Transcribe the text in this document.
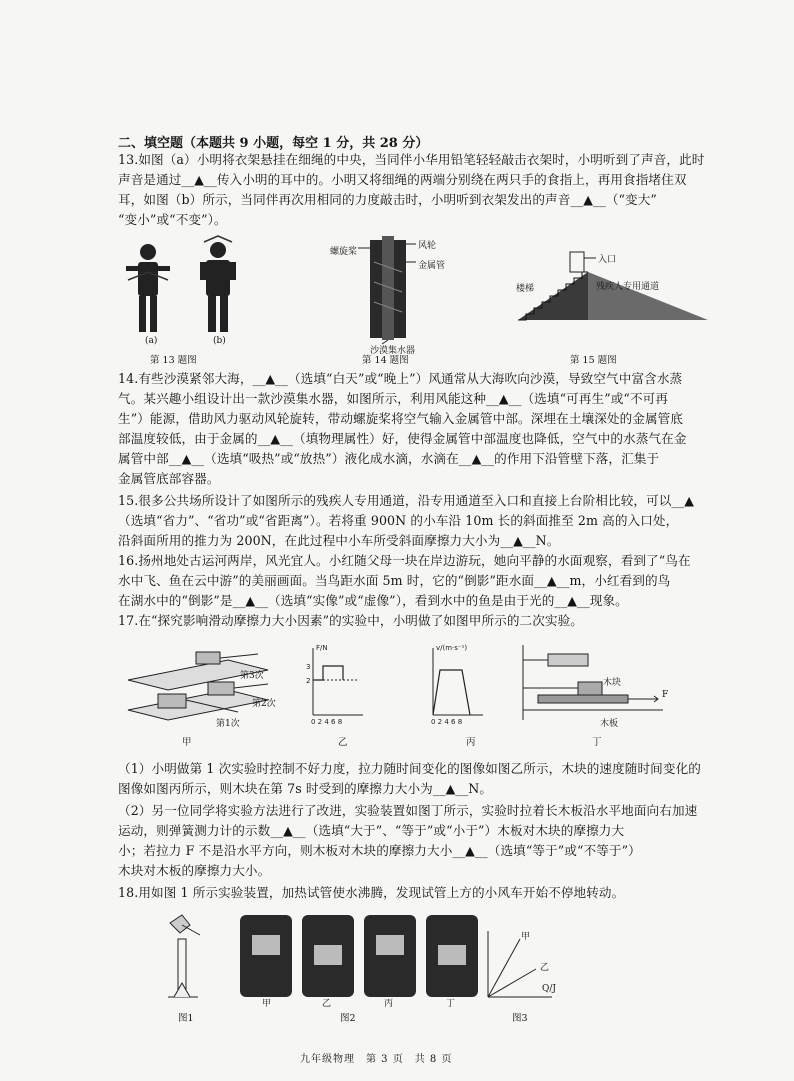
二、填空题（本题共 9 小题，每空 1 分，共 28 分）
13.如图（a）小明将衣架悬挂在细绳的中央，当同伴小华用铅笔轻轻敲击衣架时，小明听到了声音，此时
声音是通过__▲__传入小明的耳中的。小明又将细绳的两端分别绕在两只手的食指上，再用食指堵住双
耳，如图（b）所示，当同伴再次用相同的力度敲击时，小明听到衣架发出的声音__▲__（“变大”
“变小”或“不变”）。
(a)	(b)
第 13 题图
风轮
螺旋桨
金属管
沙漠集水器
第 14 题图
入口
楼梯	残疾人专用通道
第 15 题图
14.有些沙漠紧邻大海，__▲__（选填“白天”或“晚上”）风通常从大海吹向沙漠，导致空气中富含水蒸
气。某兴趣小组设计出一款沙漠集水器，如图所示，利用风能这种__▲__（选填“可再生”或“不可再
生”）能源，借助风力驱动风轮旋转，带动螺旋桨将空气输入金属管中部。深埋在土壤深处的金属管底
部温度较低，由于金属的__▲__（填物理属性）好，使得金属管中部温度也降低，空气中的水蒸气在金
属管中部__▲__（选填“吸热”或“放热”）液化成水滴，水滴在__▲__的作用下沿管壁下落，汇集于
金属管底部容器。
15.很多公共场所设计了如图所示的残疾人专用通道，沿专用通道至入口和直接上台阶相比较，可以__▲
（选填“省力”、“省功”或“省距离”）。若将重 900N 的小车沿 10m 长的斜面推至 2m 高的入口处，
沿斜面所用的推力为 200N，在此过程中小车所受斜面摩擦力大小为__▲__N。
16.扬州地处古运河两岸，风光宜人。小红随父母一块在岸边游玩，她向平静的水面观察，看到了“鸟在
水中飞、鱼在云中游”的美丽画面。当鸟距水面 5m 时，它的“倒影”距水面__▲__m，小红看到的鸟
在湖水中的“倒影”是__▲__（选填“实像”或“虚像”），看到水中的鱼是由于光的__▲__现象。
17.在“探究影响滑动摩擦力大小因素”的实验中，小明做了如图甲所示的二次实验。
F/N
3
2
0 2 4 6 8
v/(m·s⁻¹)
0 2 4 6 8
第3次
第2次
第1次
木块
木板
F
甲	乙	丙	丁
（1）小明做第 1 次实验时控制不好力度，拉力随时间变化的图像如图乙所示，木块的速度随时间变化的
图像如图丙所示，则木块在第 7s 时受到的摩擦力大小为__▲__N。
（2）另一位同学将实验方法进行了改进，实验装置如图丁所示，实验时拉着长木板沿水平地面向右加速
运动，则弹簧测力计的示数__▲__（选填“大于”、“等于”或“小于”）木板对木块的摩擦力大
小；若拉力 F 不是沿水平方向，则木板对木块的摩擦力大小__▲__（选填“等于”或“不等于”）
木块对木板的摩擦力大小。
18.用如图 1 所示实验装置，加热试管使水沸腾，发现试管上方的小风车开始不停地转动。
甲
乙
Q/J
甲	乙	丙	丁
图1	图2	图3
九年级物理　第 3 页　共 8 页
